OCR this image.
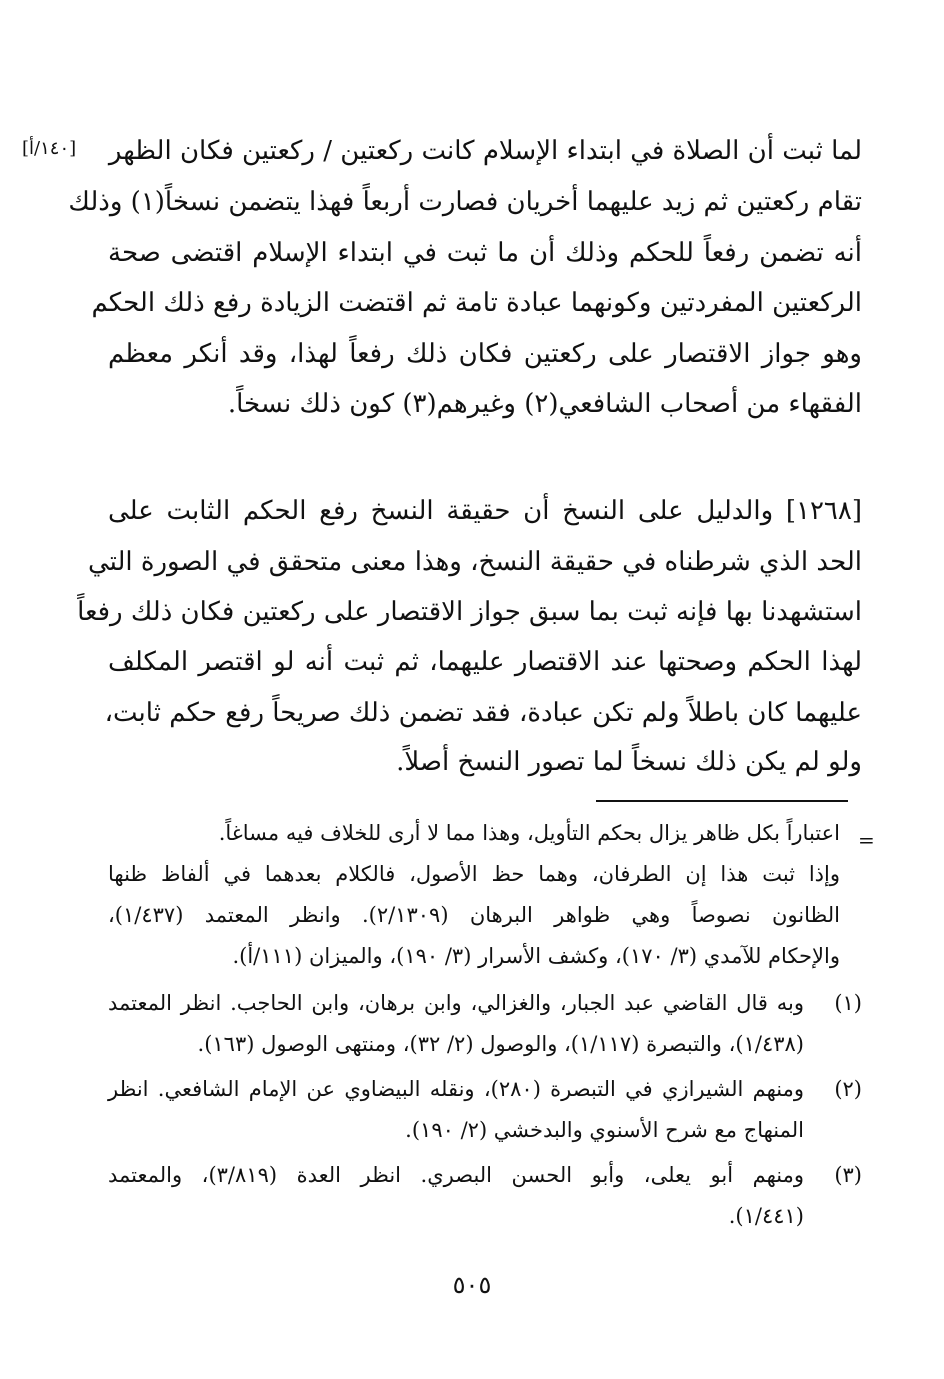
لما ثبت أن الصلاة في ابتداء الإسلام كانت ركعتين / ركعتين فكان الظهر
[١٤٠/أ]
تقام ركعتين ثم زيد عليهما أخريان فصارت أربعاً فهذا يتضمن نسخاً(١) وذلك
أنه تضمن رفعاً للحكم وذلك أن ما ثبت في ابتداء الإسلام اقتضى صحة
الركعتين المفردتين وكونهما عبادة تامة ثم اقتضت الزيادة رفع ذلك الحكم
وهو جواز الاقتصار على ركعتين فكان ذلك رفعاً لهذا، وقد أنكر معظم
الفقهاء من أصحاب الشافعي(٢) وغيرهم(٣) كون ذلك نسخاً.
[١٢٦٨] والدليل على النسخ أن حقيقة النسخ رفع الحكم الثابت على
الحد الذي شرطناه في حقيقة النسخ، وهذا معنى متحقق في الصورة التي
استشهدنا بها فإنه ثبت بما سبق جواز الاقتصار على ركعتين فكان ذلك رفعاً
لهذا الحكم وصحتها عند الاقتصار عليهما، ثم ثبت أنه لو اقتصر المكلف
عليهما كان باطلاً ولم تكن عبادة، فقد تضمن ذلك صريحاً رفع حكم ثابت،
ولو لم يكن ذلك نسخاً لما تصور النسخ أصلاً.
=
اعتباراً بكل ظاهر يزال بحكم التأويل، وهذا مما لا أرى للخلاف فيه مساغاً.
وإذا ثبت هذا إن الطرفان، وهما حظ الأصول، فالكلام بعدهما في ألفاظ ظنها
الظانون نصوصاً وهي ظواهر البرهان (٢/١٣٠٩). وانظر المعتمد (١/٤٣٧)،
والإحكام للآمدي (٣/ ١٧٠)، وكشف الأسرار (٣/ ١٩٠)، والميزان (١١١/أ).
(١)
وبه قال القاضي عبد الجبار، والغزالي، وابن برهان، وابن الحاجب. انظر المعتمد
(١/٤٣٨)، والتبصرة (١/١١٧)، والوصول (٢/ ٣٢)، ومنتهى الوصول (١٦٣).
(٢)
ومنهم الشيرازي في التبصرة (٢٨٠)، ونقله البيضاوي عن الإمام الشافعي. انظر
المنهاج مع شرح الأسنوي والبدخشي (٢/ ١٩٠).
(٣)
ومنهم أبو يعلى، وأبو الحسن البصري. انظر العدة (٣/٨١٩)، والمعتمد
(١/٤٤١).
٥٠٥
